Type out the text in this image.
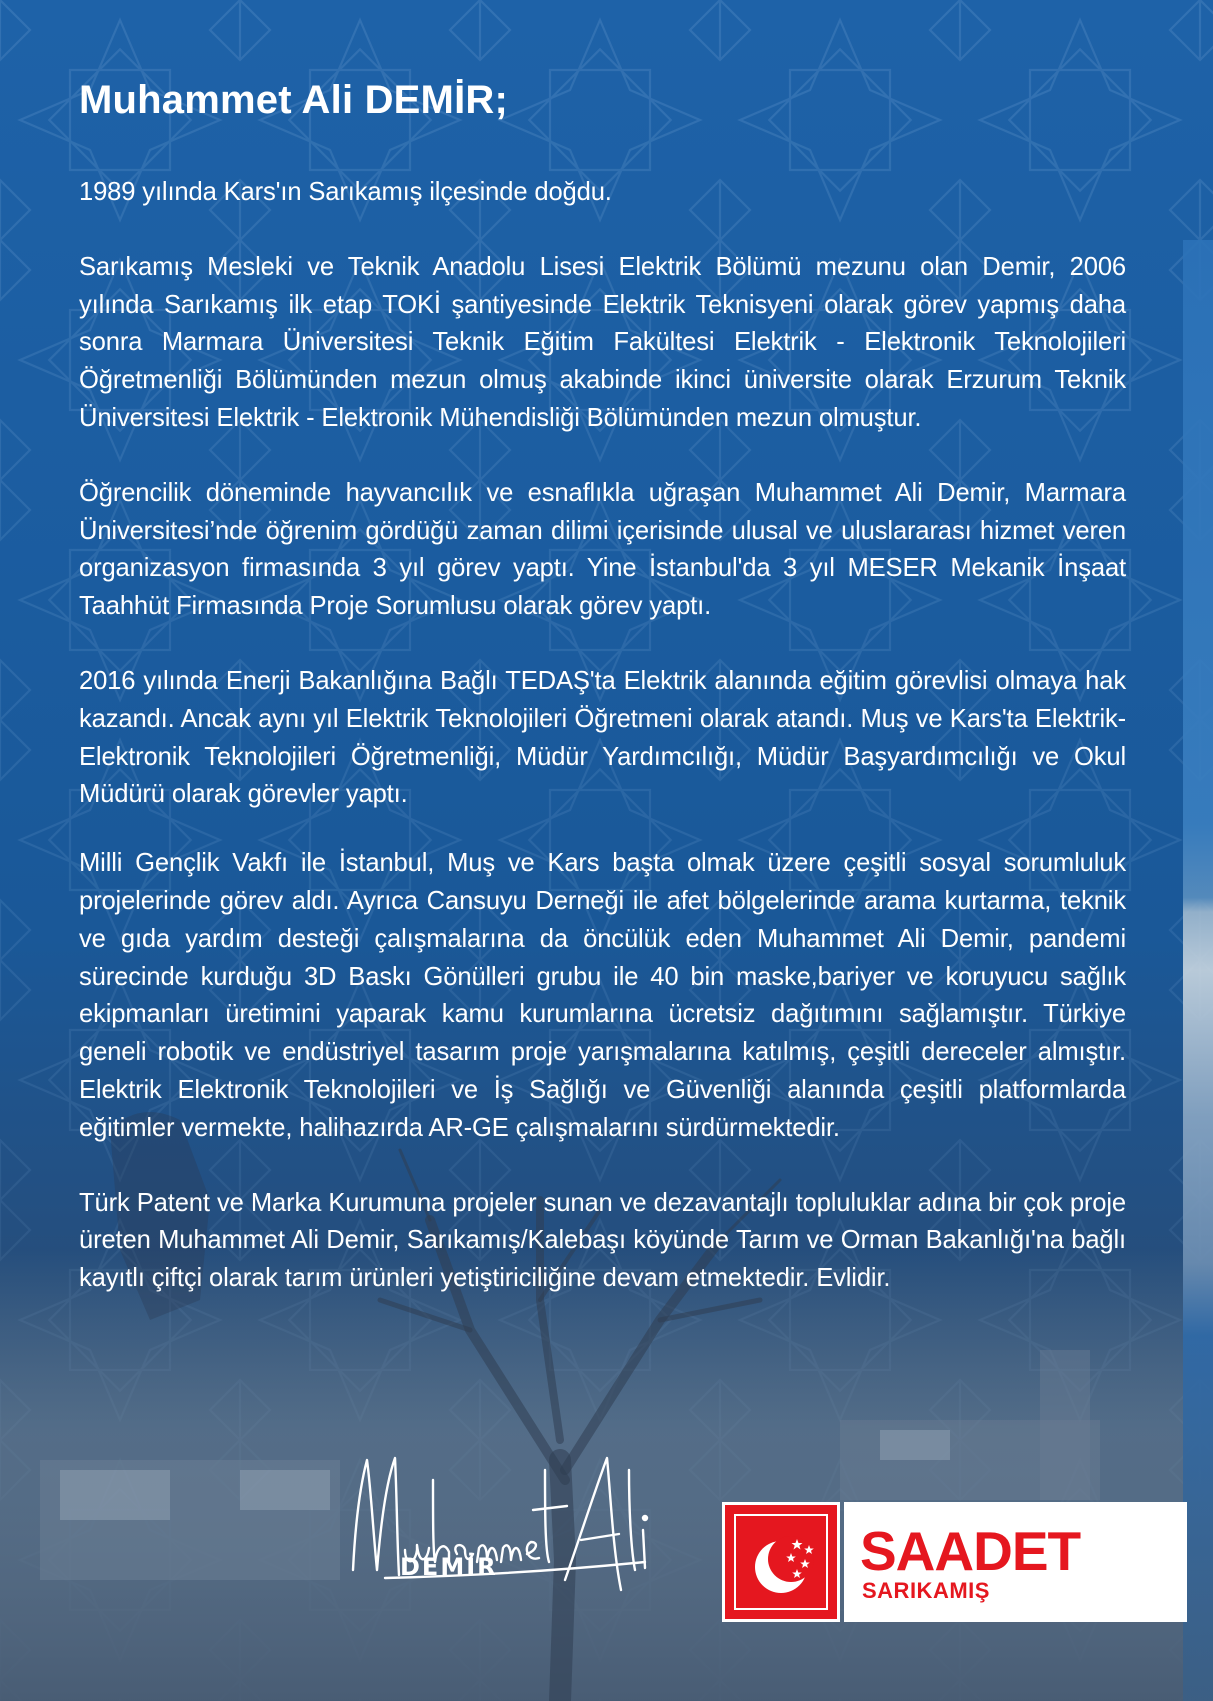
Muhammet Ali DEMİR;

1989 yılında Kars'ın Sarıkamış ilçesinde doğdu.

Sarıkamış Mesleki ve Teknik Anadolu Lisesi Elektrik Bölümü mezunu olan Demir, 2006 yılında Sarıkamış ilk etap TOKİ şantiyesinde Elektrik Teknisyeni olarak görev yapmış daha sonra Marmara Üniversitesi Teknik Eğitim Fakültesi Elektrik - Elektronik Teknolojileri Öğretmenliği Bölümünden mezun olmuş akabinde ikinci üniversite olarak Erzurum Teknik Üniversitesi Elektrik - Elektronik Mühendisliği Bölümünden mezun olmuştur.

Öğrencilik döneminde hayvancılık ve esnaflıkla uğraşan Muhammet Ali Demir, Marmara Üniversitesi’nde öğrenim gördüğü zaman dilimi içerisinde ulusal ve uluslararası hizmet veren organizasyon firmasında 3 yıl görev yaptı. Yine İstanbul'da 3 yıl MESER Mekanik İnşaat Taahhüt Firmasında Proje Sorumlusu olarak görev yaptı.

2016 yılında Enerji Bakanlığına Bağlı TEDAŞ'ta Elektrik alanında eğitim görevlisi olmaya hak kazandı. Ancak aynı yıl Elektrik Teknolojileri Öğretmeni olarak atandı. Muş ve Kars'ta Elektrik- Elektronik Teknolojileri Öğretmenliği, Müdür Yardımcılığı, Müdür Başyardımcılığı ve Okul Müdürü olarak görevler yaptı.

Milli Gençlik Vakfı ile İstanbul, Muş ve Kars başta olmak üzere çeşitli sosyal sorumluluk projelerinde görev aldı. Ayrıca Cansuyu Derneği ile afet bölgelerinde arama kurtarma, teknik ve gıda yardım desteği çalışmalarına da öncülük eden Muhammet Ali Demir, pandemi sürecinde kurduğu 3D Baskı Gönülleri grubu ile 40 bin maske,bariyer ve koruyucu sağlık ekipmanları üretimini yaparak kamu kurumlarına ücretsiz dağıtımını sağlamıştır. Türkiye geneli robotik ve endüstriyel tasarım proje yarışmalarına katılmış, çeşitli dereceler almıştır. Elektrik Elektronik Teknolojileri ve İş Sağlığı ve Güvenliği alanında çeşitli platformlarda eğitimler vermekte, halihazırda AR-GE çalışmalarını sürdürmektedir.

Türk Patent ve Marka Kurumuna projeler sunan ve dezavantajlı topluluklar adına bir çok proje üreten Muhammet Ali Demir, Sarıkamış/Kalebaşı köyünde Tarım ve Orman Bakanlığı'na bağlı kayıtlı çiftçi olarak tarım ürünleri yetiştiriciliğine devam etmektedir. Evlidir.

DEMİR	SAADET
SARIKAMIŞ
